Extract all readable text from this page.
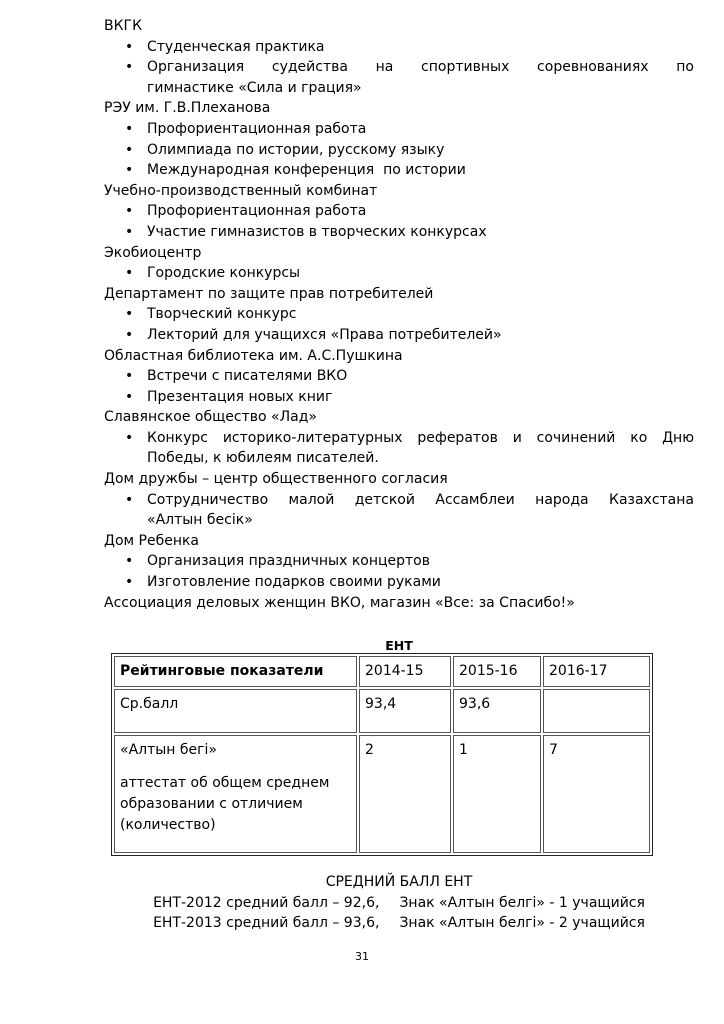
ВКГК

• Студенческая практика

• Организация судейства на спортивных соревнованиях по

гимнастике «Сила и грация»

РЭУ им. Г.В.Плеханова

• Профориентационная работа

• Олимпиада по истории, русскому языку

• Международная конференция  по истории

Учебно-производственный комбинат

• Профориентационная работа

• Участие гимназистов в творческих конкурсах

Экобиоцентр

• Городские конкурсы

Департамент по защите прав потребителей

• Творческий конкурс

• Лекторий для учащихся «Права потребителей»

Областная библиотека им. А.С.Пушкина

• Встречи с писателями ВКО

• Презентация новых книг

Славянское общество «Лад»

• Конкурс историко-литературных рефератов и сочинений ко Дню

Победы, к юбилеям писателей.

Дом дружбы – центр общественного согласия

• Сотрудничество малой детской Ассамблеи народа Казахстана

«Алтын бесік»

Дом Ребенка

• Организация праздничных концертов

• Изготовление подарков своими руками

Ассоциация деловых женщин ВКО, магазин «Все: за Спасибо!»

ЕНТ
Рейтинговые показатели	2014-15	2015-16	2016-17
Ср.балл	93,4	93,6	

«Алтын бегі»
аттестат об общем среднем
образовании с отличием
(количество)	2	1	7
СРЕДНИЙ БАЛЛ ЕНТ
ЕНТ-2012 средний балл – 92,6, Знак «Алтын белгі» - 1 учащийся
ЕНТ-2013 средний балл – 93,6, Знак «Алтын белгі» - 2 учащийся
31
